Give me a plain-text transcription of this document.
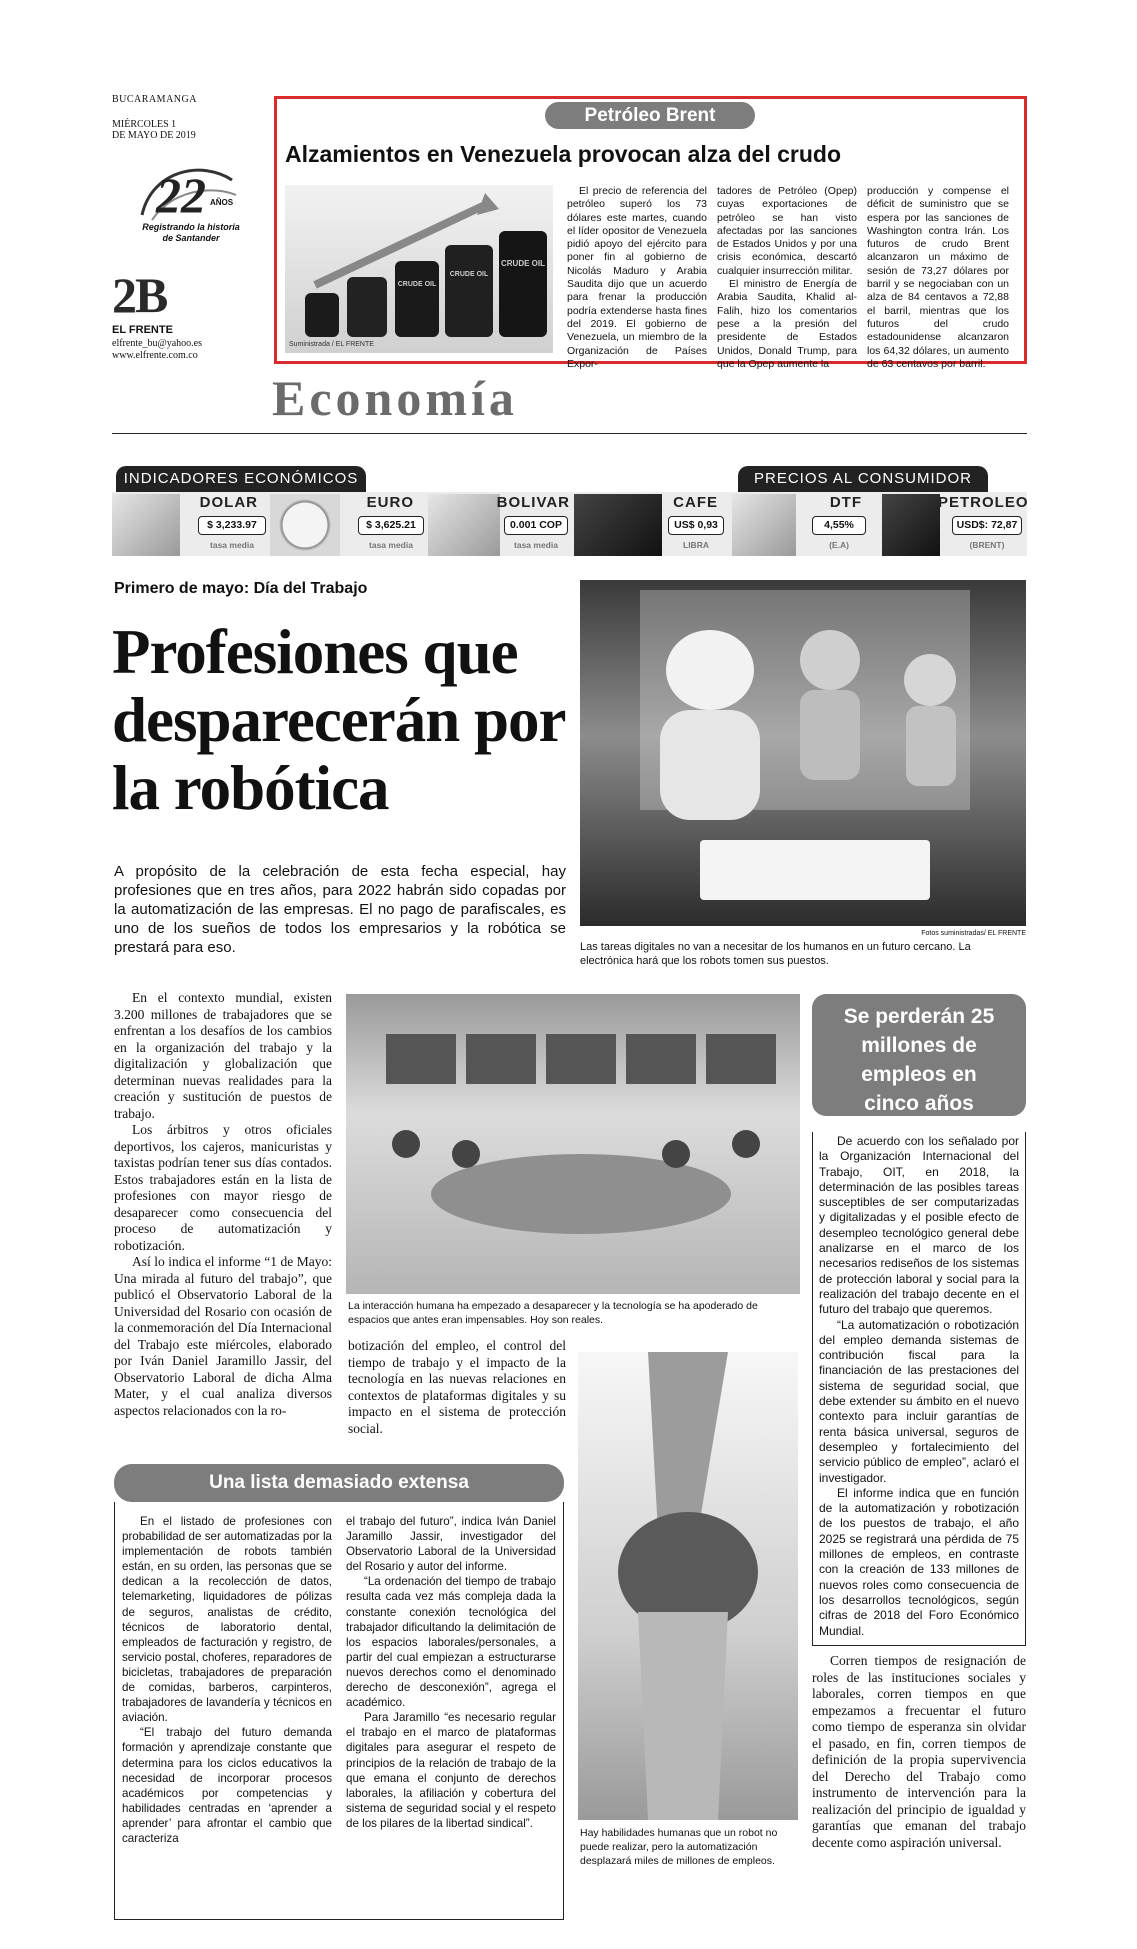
BUCARAMANGA
MIÉRCOLES 1
DE MAYO DE 2019
22 AÑOS
Registrando la historia
de Santander
2B
EL FRENTE
elfrente_bu@yahoo.es
www.elfrente.com.co
Petróleo Brent
Alzamientos en Venezuela provocan alza del crudo
CRUDE OIL
CRUDE OIL
CRUDE OIL
Suministrada / EL FRENTE

El precio de referencia del petróleo superó los 73 dólares este martes, cuando el líder opositor de Venezuela pidió apoyo del ejército para poner fin al gobierno de Nicolás Maduro y Arabia Saudita dijo que un acuerdo para frenar la producción podría extenderse hasta fines del 2019. El gobierno de Venezuela, un miembro de la Organización de Países Expor-

tadores de Petróleo (Opep) cuyas exportaciones de petróleo se han visto afectadas por las sanciones de Estados Unidos y por una crisis económica, descartó cualquier insurrección militar.

El ministro de Energía de Arabia Saudita, Khalid al-Falih, hizo los comentarios pese a la presión del presidente de Estados Unidos, Donald Trump, para que la Opep aumente la

producción y compense el déficit de suministro que se espera por las sanciones de Washington contra Irán. Los futuros de crudo Brent alcanzaron un máximo de sesión de 73,27 dólares por barril y se negociaban con un alza de 84 centavos a 72,88 el barril, mientras que los futuros del crudo estadounidense alcanzaron los 64,32 dólares, un aumento de 63 centavos por barril.

Economía
INDICADORES ECONÓMICOS	PRECIOS AL CONSUMIDOR
DOLAR
$ 3,233.97
tasa media
EURO
$ 3,625.21
tasa media
BOLIVAR
0.001 COP
tasa media
CAFE
US$ 0,93
LIBRA
DTF
4,55%
(E.A)
PETROLEO
USD$: 72,87
(BRENT)
Primero de mayo: Día del Trabajo
Profesiones que desparecerán por la robótica
A propósito de la celebración de esta fecha especial, hay profesiones que en tres años, para 2022 habrán sido copadas por la automatización de las empresas. El no pago de parafiscales, es uno de los sueños de todos los empresarios y la robótica se prestará para eso.
Fotos suministradas/ EL FRENTE
Las tareas digitales no van a necesitar de los humanos en un futuro cercano. La electrónica hará que los robots tomen sus puestos.

En el contexto mundial, existen 3.200 millones de trabajadores que se enfrentan a los desafíos de los cambios en la organización del trabajo y la digitalización y globalización que determinan nuevas realidades para la creación y sustitución de puestos de trabajo.

Los árbitros y otros oficiales deportivos, los cajeros, manicuristas y taxistas podrían tener sus días contados. Estos trabajadores están en la lista de profesiones con mayor riesgo de desaparecer como consecuencia del proceso de automatización y robotización.

Así lo indica el informe “1 de Mayo: Una mirada al futuro del trabajo”, que publicó el Observatorio Laboral de la Universidad del Rosario con ocasión de la conmemoración del Día Internacional del Trabajo este miércoles, elaborado por Iván Daniel Jaramillo Jassir, del Observatorio Laboral de dicha Alma Mater, y el cual analiza diversos aspectos relacionados con la ro-

La interacción humana ha empezado a desaparecer y la tecnología se ha apoderado de espacios que antes eran impensables. Hoy son reales.

botización del empleo, el control del tiempo de trabajo y el impacto de la tecnología en las nuevas relaciones en contextos de plataformas digitales y su impacto en el sistema de protección social.

Se perderán 25 millones de empleos en cinco años

De acuerdo con los señalado por la Organización Internacional del Trabajo, OIT, en 2018, la determinación de las posibles tareas susceptibles de ser computarizadas y digitalizadas y el posible efecto de desempleo tecnológico general debe analizarse en el marco de los necesarios rediseños de los sistemas de protección laboral y social para la realización del trabajo decente en el futuro del trabajo que queremos.

“La automatización o robotización del empleo demanda sistemas de contribución fiscal para la financiación de las prestaciones del sistema de seguridad social, que debe extender su ámbito en el nuevo contexto para incluir garantías de renta básica universal, seguros de desempleo y fortalecimiento del servicio público de empleo”, aclaró el investigador.

El informe indica que en función de la automatización y robotización de los puestos de trabajo, el año 2025 se registrará una pérdida de 75 millones de empleos, en contraste con la creación de 133 millones de nuevos roles como consecuencia de los desarrollos tecnológicos, según cifras de 2018 del Foro Económico Mundial.

Corren tiempos de resignación de roles de las instituciones sociales y laborales, corren tiempos en que empezamos a frecuentar el futuro como tiempo de esperanza sin olvidar el pasado, en fin, corren tiempos de definición de la propia supervivencia del Derecho del Trabajo como instrumento de intervención para la realización del principio de igualdad y garantías que emanan del trabajo decente como aspiración universal.

Una lista demasiado extensa

En el listado de profesiones con probabilidad de ser automatizadas por la implementación de robots también están, en su orden, las personas que se dedican a la recolección de datos, telemarketing, liquidadores de pólizas de seguros, analistas de crédito, técnicos de laboratorio dental, empleados de facturación y registro, de servicio postal, choferes, reparadores de bicicletas, trabajadores de preparación de comidas, barberos, carpinteros, trabajadores de lavandería y técnicos en aviación.

“El trabajo del futuro demanda formación y aprendizaje constante que determina para los ciclos educativos la necesidad de incorporar procesos académicos por competencias y habilidades centradas en ‘aprender a aprender’ para afrontar el cambio que caracteriza

el trabajo del futuro”, indica Iván Daniel Jaramillo Jassir, investigador del Observatorio Laboral de la Universidad del Rosario y autor del informe.

“La ordenación del tiempo de trabajo resulta cada vez más compleja dada la constante conexión tecnológica del trabajador dificultando la delimitación de los espacios laborales/personales, a partir del cual empiezan a estructurarse nuevos derechos como el denominado derecho de desconexión”, agrega el académico.

Para Jaramillo “es necesario regular el trabajo en el marco de plataformas digitales para asegurar el respeto de principios de la relación de trabajo de la que emana el conjunto de derechos laborales, la afiliación y cobertura del sistema de seguridad social y el respeto de los pilares de la libertad sindical”.

Hay habilidades humanas que un robot no puede realizar, pero la automatización desplazará miles de millones de empleos.
